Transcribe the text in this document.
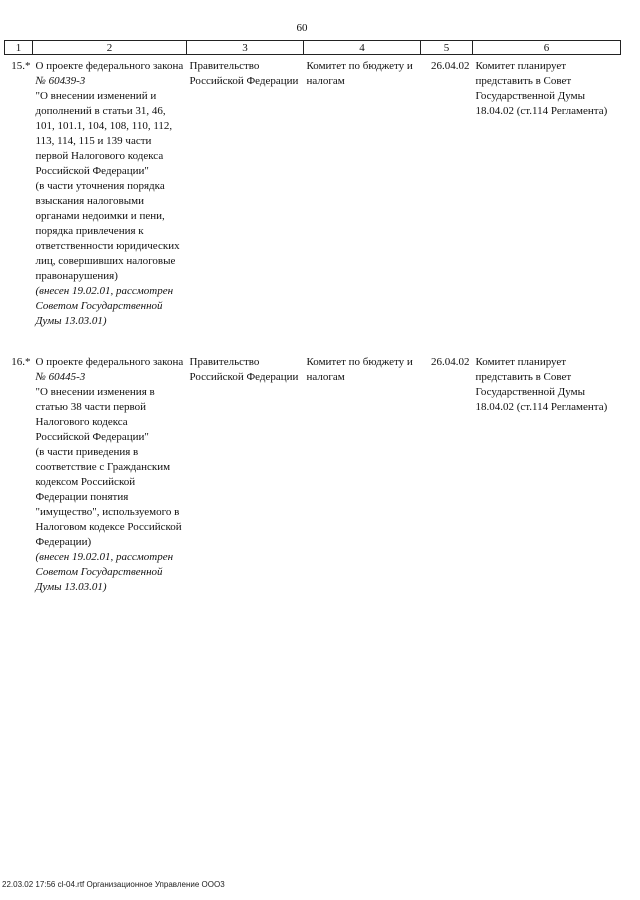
60
1	2	3	4	5	6

15.*	О проекте федерального закона № 60439-3
"О внесении изменений и дополнений в статьи 31, 46, 101, 101.1, 104, 108, 110, 112, 113, 114, 115 и 139 части первой Налогового кодекса Российской Федерации"
(в части уточнения порядка взыскания налоговыми органами недоимки и пени, порядка привлечения к ответственности юридических лиц, совершивших налоговые правонарушения)
(внесен 19.02.01, рассмотрен Советом Государственной Думы 13.03.01)	Правительство Российской Федерации	Комитет по бюджету и налогам	26.04.02	Комитет планирует представить в Совет Государственной Думы 18.04.02 (ст.114 Регламента)

16.*	О проекте федерального закона № 60445-3
"О внесении изменения в статью 38 части первой Налогового кодекса Российской Федерации"
(в части приведения в соответствие с Гражданским кодексом Российской Федерации понятия "имущество", используемого в Налоговом кодексе Российской Федерации)
(внесен 19.02.01, рассмотрен Советом Государственной Думы 13.03.01)	Правительство Российской Федерации	Комитет по бюджету и налогам	26.04.02	Комитет планирует представить в Совет Государственной Думы 18.04.02 (ст.114 Регламента)
22.03.02 17:56 cl-04.rtf Организационное Управление ООО3
